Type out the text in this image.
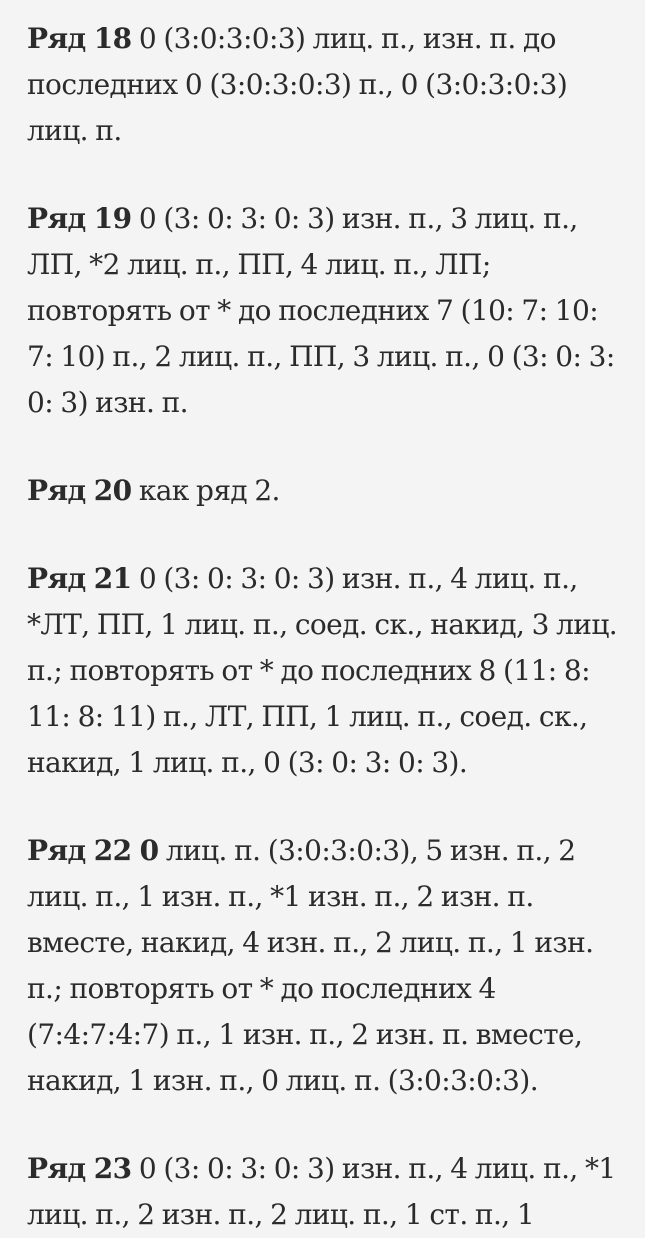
Ряд 18 0 (3:0:3:0:3) лиц. п., изн. п. до последних 0 (3:0:3:0:3) п., 0 (3:0:3:0:3) лиц. п.

Ряд 19 0 (3: 0: 3: 0: 3) изн. п., 3 лиц. п., ЛП, *2 лиц. п., ПП, 4 лиц. п., ЛП; повторять от * до последних 7 (10: 7: 10: 7: 10) п., 2 лиц. п., ПП, 3 лиц. п., 0 (3: 0: 3: 0: 3) изн. п.

Ряд 20 как ряд 2.

Ряд 21 0 (3: 0: 3: 0: 3) изн. п., 4 лиц. п., *ЛТ, ПП, 1 лиц. п., соед. ск., накид, 3 лиц. п.; повторять от * до последних 8 (11: 8: 11: 8: 11) п., ЛТ, ПП, 1 лиц. п., соед. ск., накид, 1 лиц. п., 0 (3: 0: 3: 0: 3).

Ряд 22 0 лиц. п. (3:0:3:0:3), 5 изн. п., 2 лиц. п., 1 изн. п., *1 изн. п., 2 изн. п. вместе, накид, 4 изн. п., 2 лиц. п., 1 изн. п.; повторять от * до последних 4 (7:4:7:4:7) п., 1 изн. п., 2 изн. п. вместе, накид, 1 изн. п., 0 лиц. п. (3:0:3:0:3).

Ряд 23 0 (3: 0: 3: 0: 3) изн. п., 4 лиц. п., *1 лиц. п., 2 изн. п., 2 лиц. п., 1 ст. п., 1
